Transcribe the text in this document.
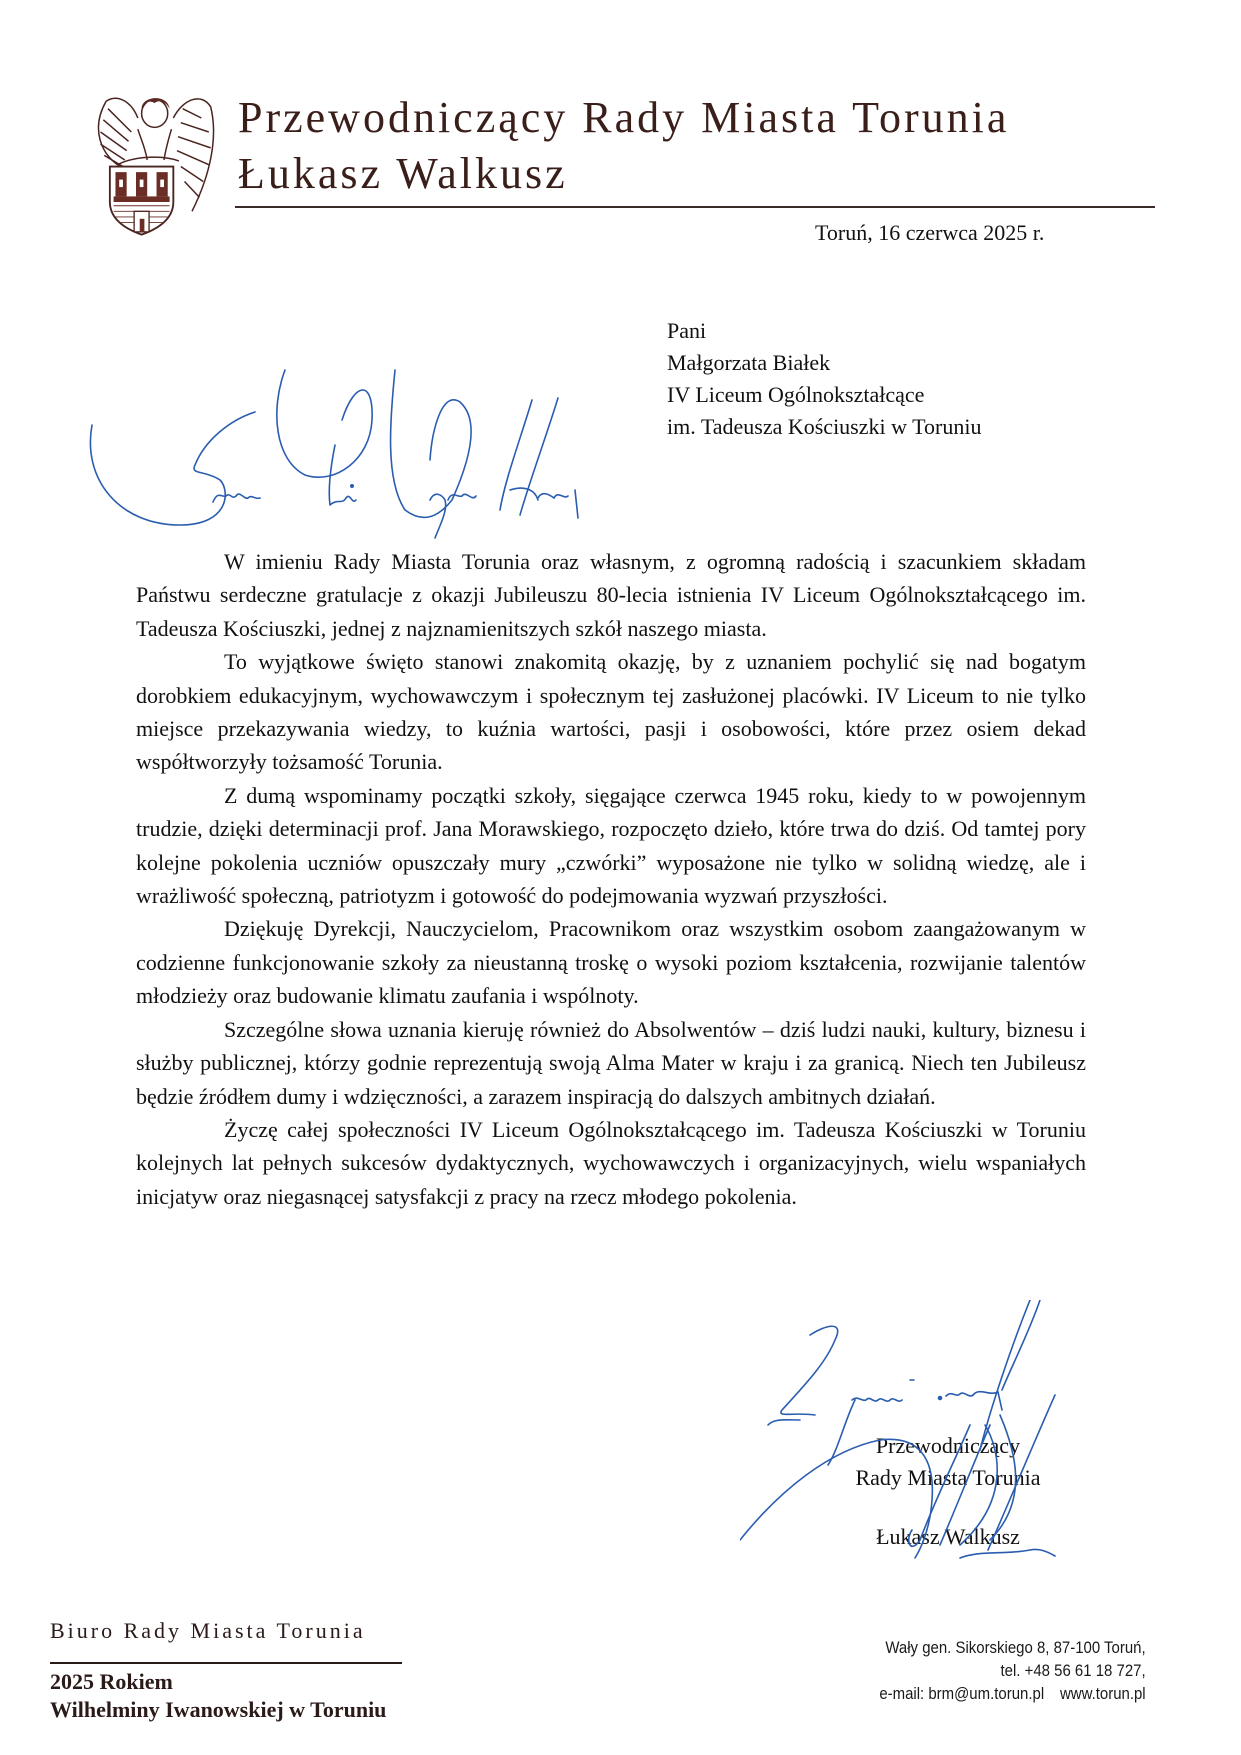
Przewodniczący Rady Miasta Torunia
Łukasz Walkusz
Toruń, 16 czerwca 2025 r.
Pani
Małgorzata Białek
IV Liceum Ogólnokształcące
im. Tadeusza Kościuszki w Toruniu

W imieniu Rady Miasta Torunia oraz własnym, z ogromną radością i szacunkiem składam Państwu serdeczne gratulacje z okazji Jubileuszu 80-lecia istnienia IV Liceum Ogólnokształcącego im. Tadeusza Kościuszki, jednej z najznamienitszych szkół naszego miasta.

To wyjątkowe święto stanowi znakomitą okazję, by z uznaniem pochylić się nad bogatym dorobkiem edukacyjnym, wychowawczym i społecznym tej zasłużonej placówki. IV Liceum to nie tylko miejsce przekazywania wiedzy, to kuźnia wartości, pasji i osobowości, które przez osiem dekad współtworzyły tożsamość Torunia.

Z dumą wspominamy początki szkoły, sięgające czerwca 1945 roku, kiedy to w powojennym trudzie, dzięki determinacji prof. Jana Morawskiego, rozpoczęto dzieło, które trwa do dziś. Od tamtej pory kolejne pokolenia uczniów opuszczały mury „czwórki” wyposażone nie tylko w solidną wiedzę, ale i wrażliwość społeczną, patriotyzm i gotowość do podejmowania wyzwań przyszłości.

Dziękuję Dyrekcji, Nauczycielom, Pracownikom oraz wszystkim osobom zaangażowanym w codzienne funkcjonowanie szkoły za nieustanną troskę o wysoki poziom kształcenia, rozwijanie talentów młodzieży oraz budowanie klimatu zaufania i wspólnoty.

Szczególne słowa uznania kieruję również do Absolwentów – dziś ludzi nauki, kultury, biznesu i służby publicznej, którzy godnie reprezentują swoją Alma Mater w kraju i za granicą. Niech ten Jubileusz będzie źródłem dumy i wdzięczności, a zarazem inspiracją do dalszych ambitnych działań.

Życzę całej społeczności IV Liceum Ogólnokształcącego im. Tadeusza Kościuszki w Toruniu kolejnych lat pełnych sukcesów dydaktycznych, wychowawczych i organizacyjnych, wielu wspaniałych inicjatyw oraz niegasnącej satysfakcji z pracy na rzecz młodego pokolenia.

Przewodniczący
Rady Miasta Torunia
Łukasz Walkusz
Biuro Rady Miasta Torunia
2025 Rokiem
Wilhelminy Iwanowskiej w Toruniu
Wały gen. Sikorskiego 8, 87-100 Toruń,
tel. +48 56 61 18 727,
e-mail: brm@um.torun.pl www.torun.pl
